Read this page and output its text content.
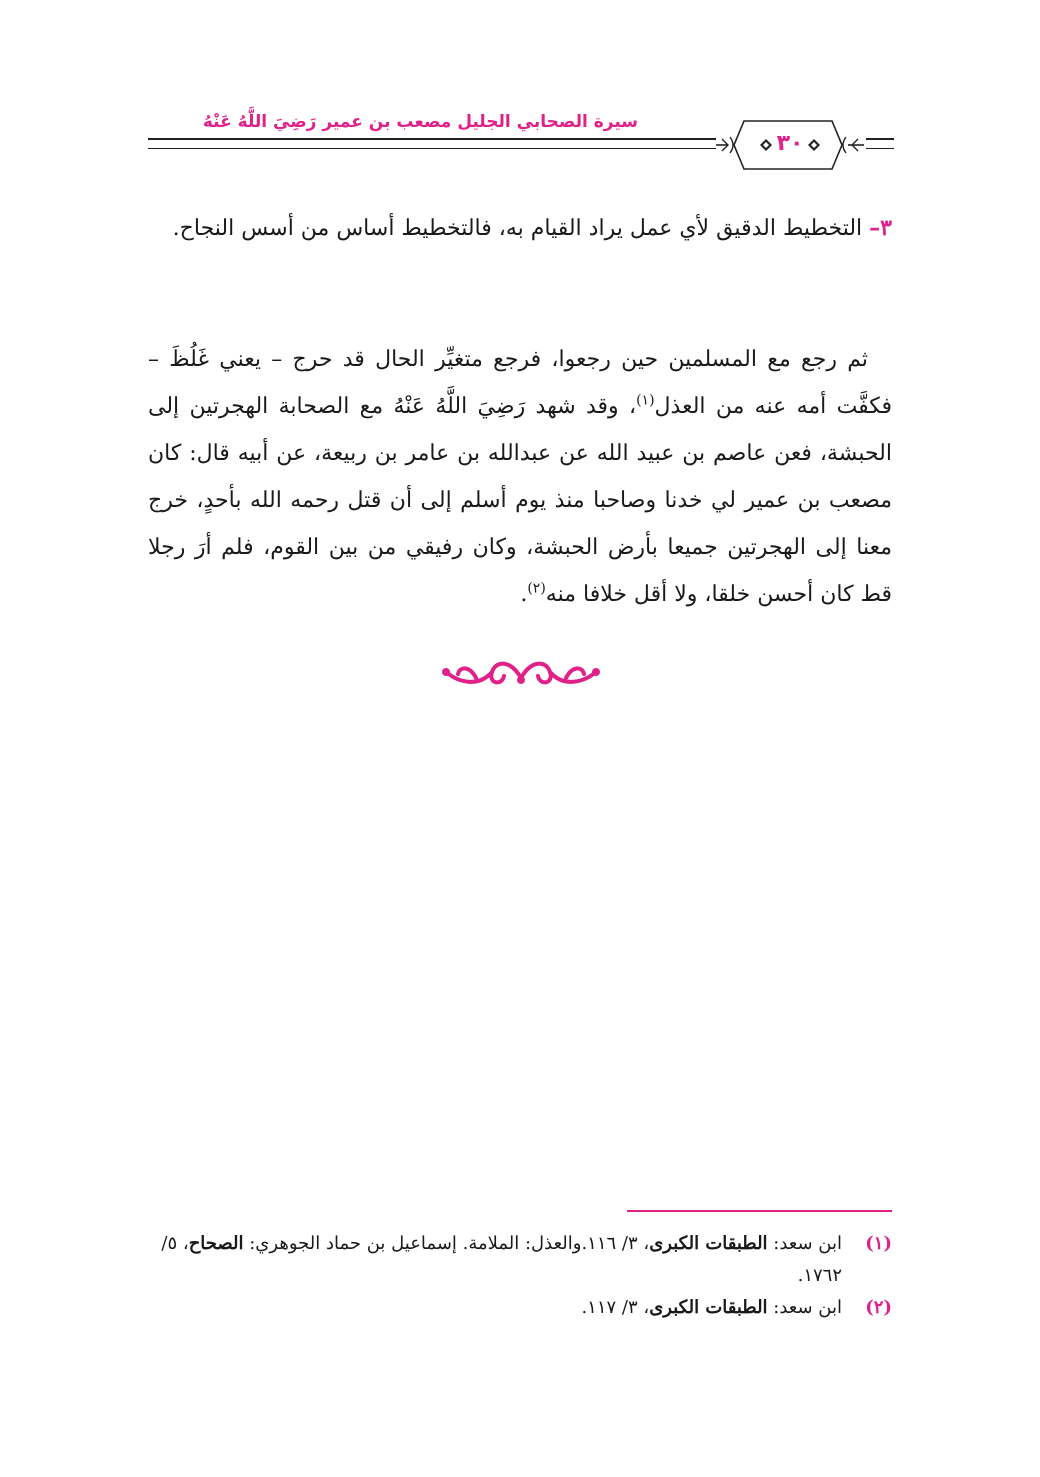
سيرة الصحابي الجليل مصعب بن عمير رَضِيَ اللَّهُ عَنْهُ
٣٠
٣– التخطيط الدقيق لأي عمل يراد القيام به، فالتخطيط أساس من أسس النجاح.
ثم رجع مع المسلمين حين رجعوا، فرجع متغيِّر الحال قد حرج – يعني غَلُظَ – فكفَّت أمه عنه من العذل$^{(١)}$، وقد شهد رَضِيَ اللَّهُ عَنْهُ مع الصحابة الهجرتين إلى الحبشة، فعن عاصم بن عبيد الله عن عبدالله بن عامر بن ربيعة، عن أبيه قال: كان مصعب بن عمير لي خدنا وصاحبا منذ يوم أسلم إلى أن قتل رحمه الله بأحدٍ، خرج معنا إلى الهجرتين جميعا بأرض الحبشة، وكان رفيقي من بين القوم، فلم أرَ رجلا قط كان أحسن خلقا، ولا أقل خلافا منه$^{(٢)}$.
(١)
ابن سعد: الطبقات الكبرى، ٣/ ١١٦.والعذل: الملامة. إسماعيل بن حماد الجوهري: الصحاح، ٥/ ١٧٦٢.
(٢)
ابن سعد: الطبقات الكبرى، ٣/ ١١٧.
